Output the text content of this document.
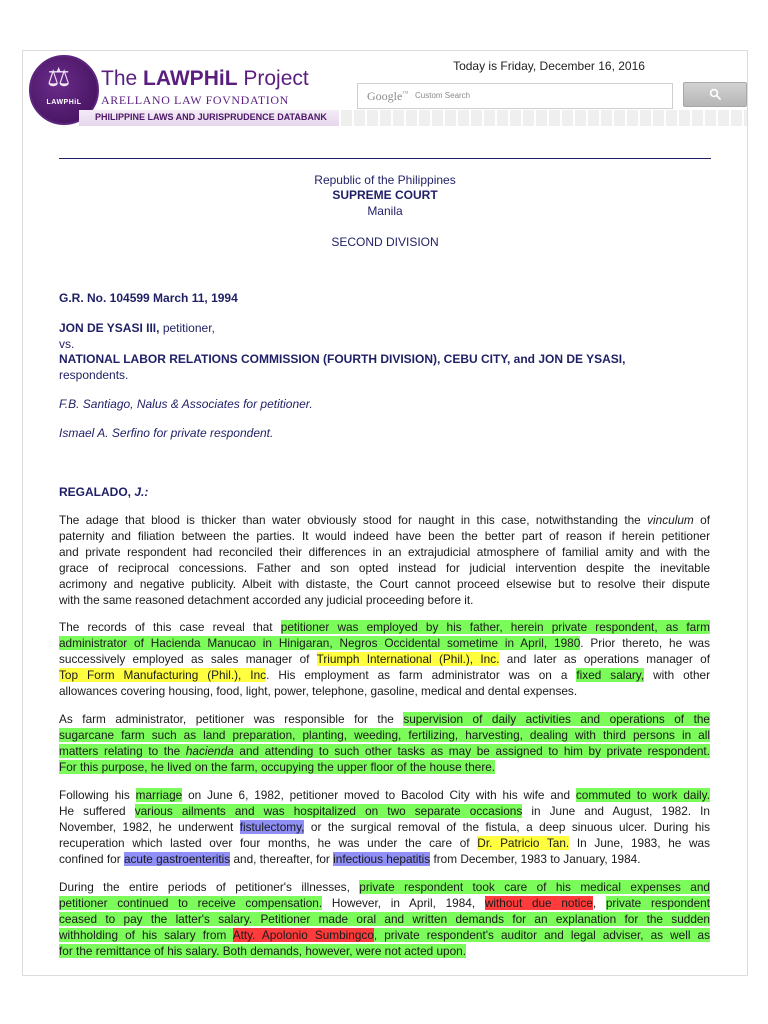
⚖
LAWPHiL
The LAWPHiL Project
ARELLANO LAW FOVNDATION
PHILIPPINE LAWS AND JURISPRUDENCE DATABANK
Today is Friday, December 16, 2016
Google™ Custom Search
Republic of the Philippines
SUPREME COURT
Manila
SECOND DIVISION
G.R. No. 104599 March 11, 1994
JON DE YSASI III, petitioner,
vs.
NATIONAL LABOR RELATIONS COMMISSION (FOURTH DIVISION), CEBU CITY, and JON DE YSASI,
respondents.
F.B. Santiago, Nalus & Associates for petitioner.
Ismael A. Serfino for private respondent.
REGALADO, J.:
The adage that blood is thicker than water obviously stood for naught in this case, notwithstanding the vinculum of
paternity and filiation between the parties. It would indeed have been the better part of reason if herein petitioner
and private respondent had reconciled their differences in an extrajudicial atmosphere of familial amity and with the
grace of reciprocal concessions. Father and son opted instead for judicial intervention despite the inevitable
acrimony and negative publicity. Albeit with distaste, the Court cannot proceed elsewise but to resolve their dispute
with the same reasoned detachment accorded any judicial proceeding before it.
The records of this case reveal that petitioner was employed by his father, herein private respondent, as farm
administrator of Hacienda Manucao in Hinigaran, Negros Occidental sometime in April, 1980. Prior thereto, he was
successively employed as sales manager of Triumph International (Phil.), Inc. and later as operations manager of
Top Form Manufacturing (Phil.), Inc. His employment as farm administrator was on a fixed salary, with other
allowances covering housing, food, light, power, telephone, gasoline, medical and dental expenses.
As farm administrator, petitioner was responsible for the supervision of daily activities and operations of the
sugarcane farm such as land preparation, planting, weeding, fertilizing, harvesting, dealing with third persons in all
matters relating to the hacienda and attending to such other tasks as may be assigned to him by private respondent.
For this purpose, he lived on the farm, occupying the upper floor of the house there.
Following his marriage on June 6, 1982, petitioner moved to Bacolod City with his wife and commuted to work daily.
He suffered various ailments and was hospitalized on two separate occasions in June and August, 1982. In
November, 1982, he underwent fistulectomy, or the surgical removal of the fistula, a deep sinuous ulcer. During his
recuperation which lasted over four months, he was under the care of Dr. Patricio Tan. In June, 1983, he was
confined for acute gastroenteritis and, thereafter, for infectious hepatitis from December, 1983 to January, 1984.
During the entire periods of petitioner's illnesses, private respondent took care of his medical expenses and
petitioner continued to receive compensation. However, in April, 1984, without due notice, private respondent
ceased to pay the latter's salary. Petitioner made oral and written demands for an explanation for the sudden
withholding of his salary from Atty. Apolonio Sumbingco, private respondent's auditor and legal adviser, as well as
for the remittance of his salary. Both demands, however, were not acted upon.
